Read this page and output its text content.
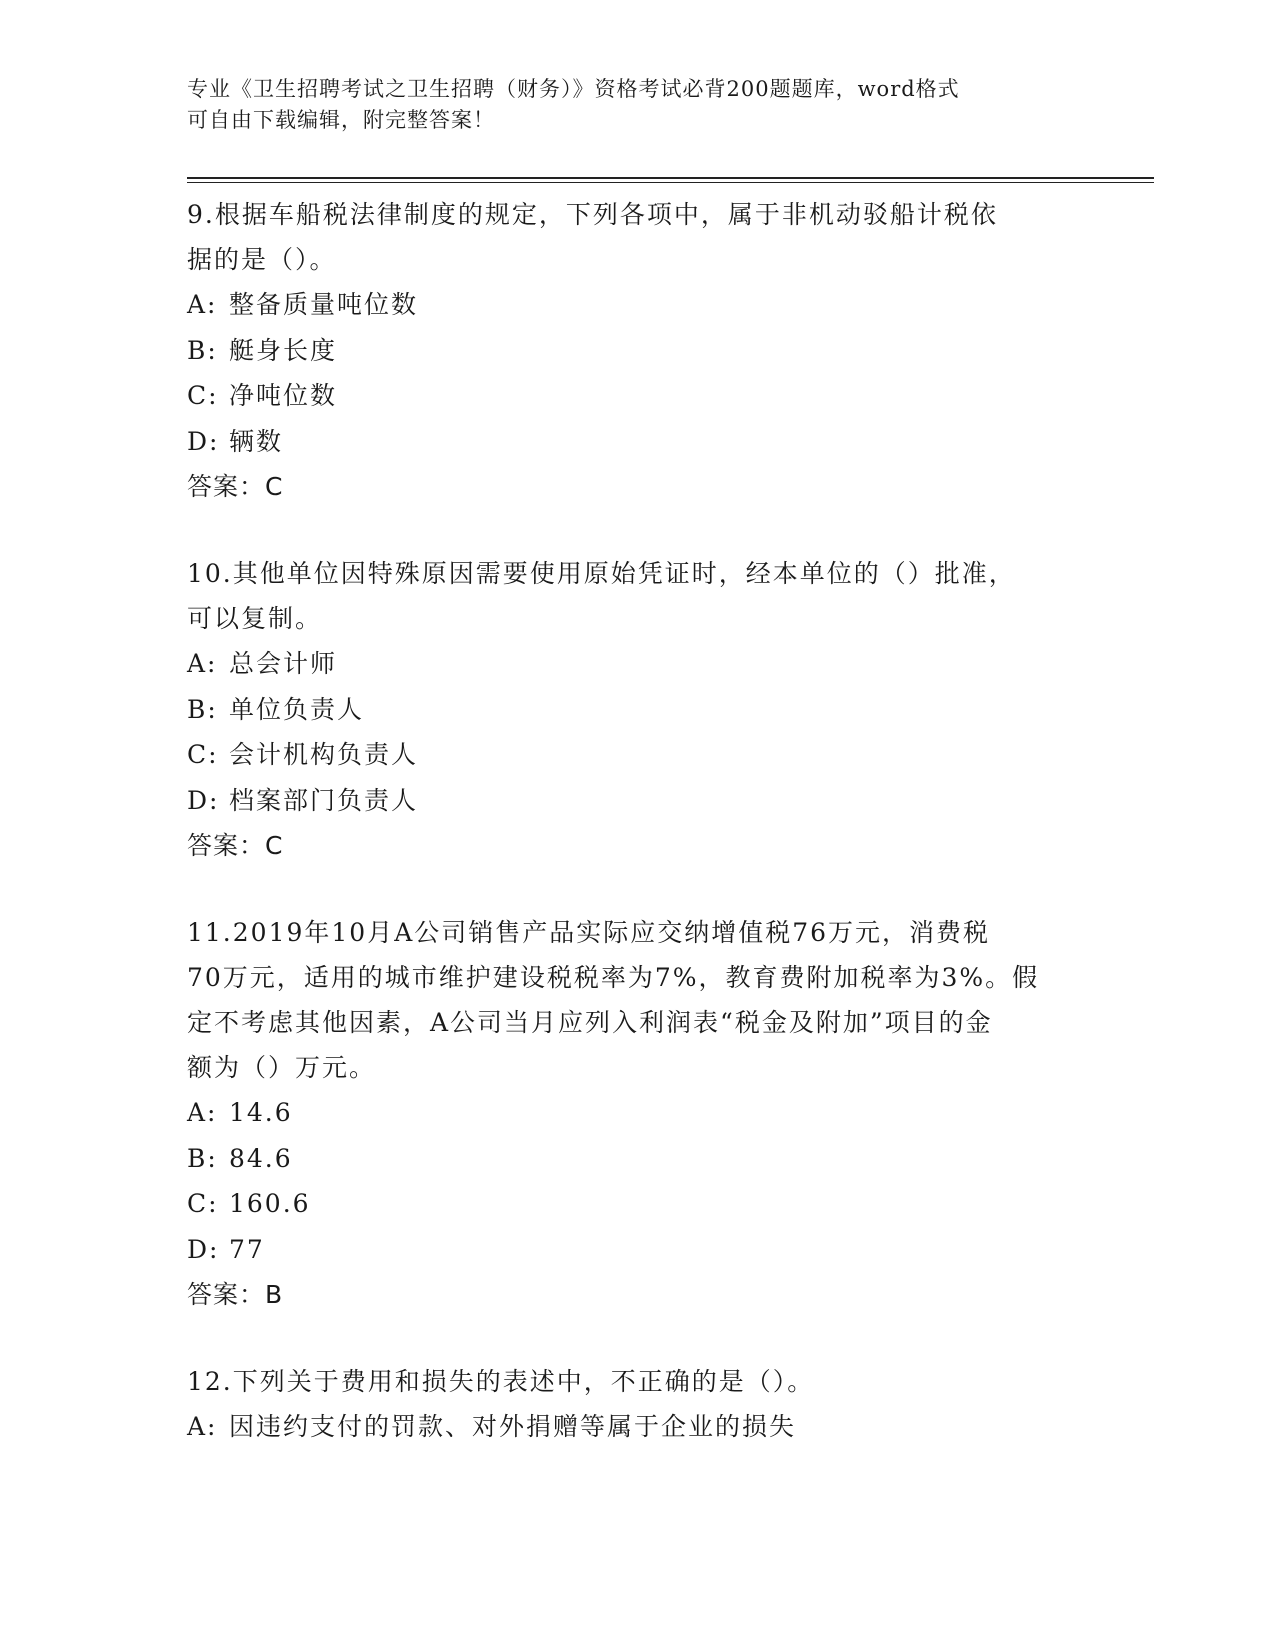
专业《卫生招聘考试之卫生招聘（财务）》资格考试必背200题题库，word格式
可自由下载编辑，附完整答案！

9.根据车船税法律制度的规定，下列各项中，属于非机动驳船计税依

据的是（）。

A: 整备质量吨位数
B: 艇身长度
C: 净吨位数
D: 辆数

答案：C

10.其他单位因特殊原因需要使用原始凭证时，经本单位的（）批准，

可以复制。

A: 总会计师
B: 单位负责人
C: 会计机构负责人
D: 档案部门负责人

答案：C

11.2019年10月A公司销售产品实际应交纳增值税76万元，消费税

70万元，适用的城市维护建设税税率为7%，教育费附加税率为3%。假

定不考虑其他因素，A公司当月应列入利润表“税金及附加”项目的金

额为（）万元。

A: 14.6
B: 84.6
C: 160.6
D: 77

答案：B

12.下列关于费用和损失的表述中，不正确的是（）。

A: 因违约支付的罚款、对外捐赠等属于企业的损失
